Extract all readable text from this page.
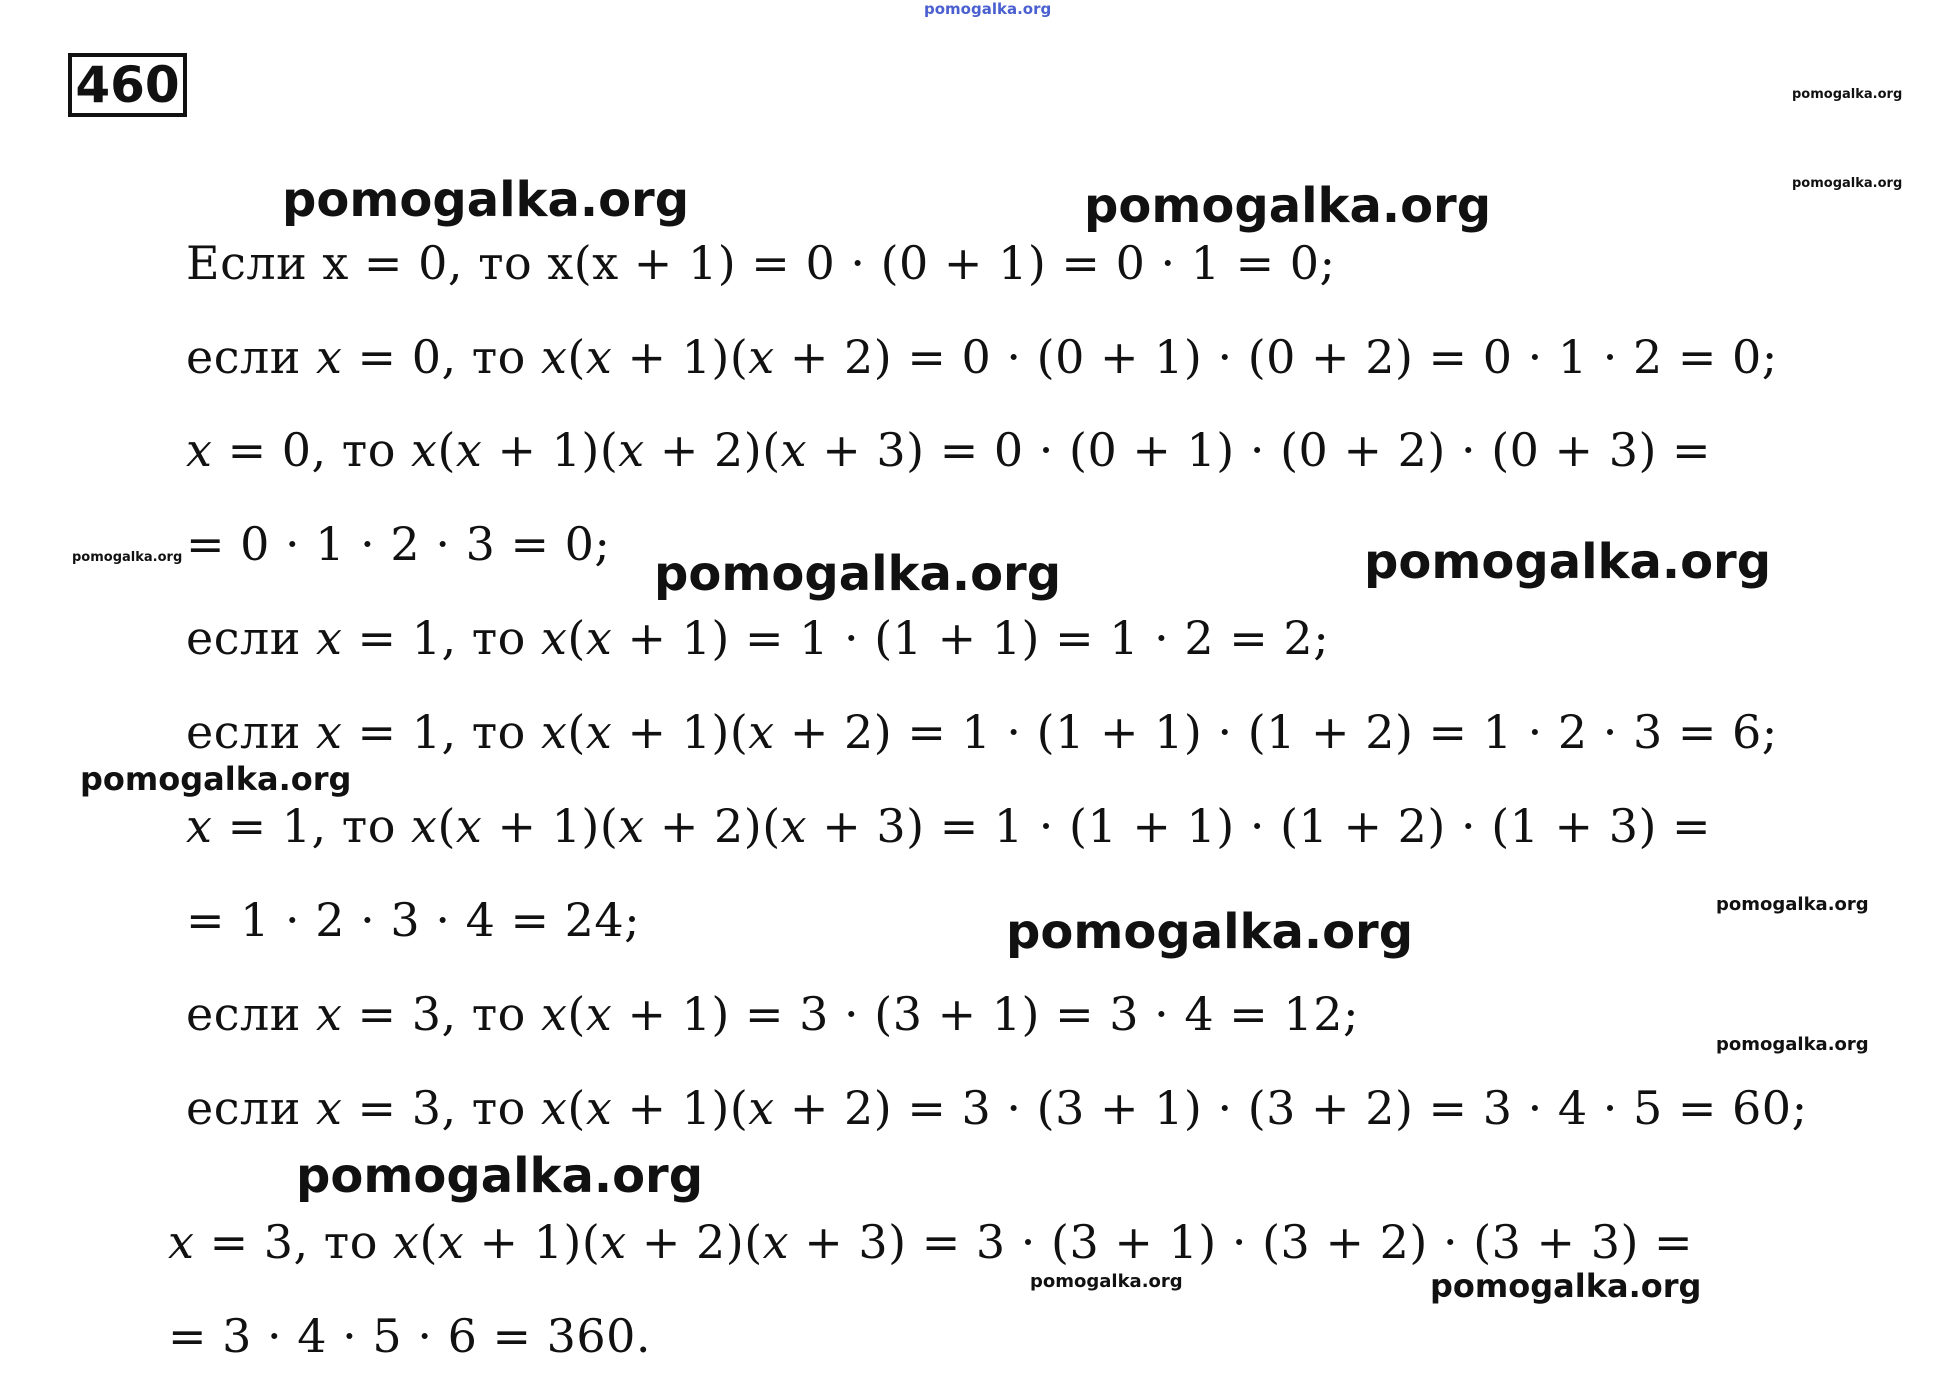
pomogalka.org
460	pomogalka.org
pomogalka.org
pomogalka.org	pomogalka.org
Если x = 0, то x(x + 1) = 0 · (0 + 1) = 0 · 1 = 0;
если 𝑥 = 0, то 𝑥(𝑥 + 1)(𝑥 + 2) = 0 · (0 + 1) · (0 + 2) = 0 · 1 · 2 = 0;
𝑥 = 0, то 𝑥(𝑥 + 1)(𝑥 + 2)(𝑥 + 3) = 0 · (0 + 1) · (0 + 2) · (0 + 3) =
pomogalka.org = 0 · 1 · 2 · 3 = 0;
pomogalka.org	pomogalka.org
если 𝑥 = 1, то 𝑥(𝑥 + 1) = 1 · (1 + 1) = 1 · 2 = 2;
если 𝑥 = 1, то 𝑥(𝑥 + 1)(𝑥 + 2) = 1 · (1 + 1) · (1 + 2) = 1 · 2 · 3 = 6;
pomogalka.org
𝑥 = 1, то 𝑥(𝑥 + 1)(𝑥 + 2)(𝑥 + 3) = 1 · (1 + 1) · (1 + 2) · (1 + 3) =
= 1 · 2 · 3 · 4 = 24;	pomogalka.org
pomogalka.org
если 𝑥 = 3, то 𝑥(𝑥 + 1) = 3 · (3 + 1) = 3 · 4 = 12;
pomogalka.org
если 𝑥 = 3, то 𝑥(𝑥 + 1)(𝑥 + 2) = 3 · (3 + 1) · (3 + 2) = 3 · 4 · 5 = 60;
pomogalka.org
𝑥 = 3, то 𝑥(𝑥 + 1)(𝑥 + 2)(𝑥 + 3) = 3 · (3 + 1) · (3 + 2) · (3 + 3) =
pomogalka.org	pomogalka.org
= 3 · 4 · 5 · 6 = 360.
